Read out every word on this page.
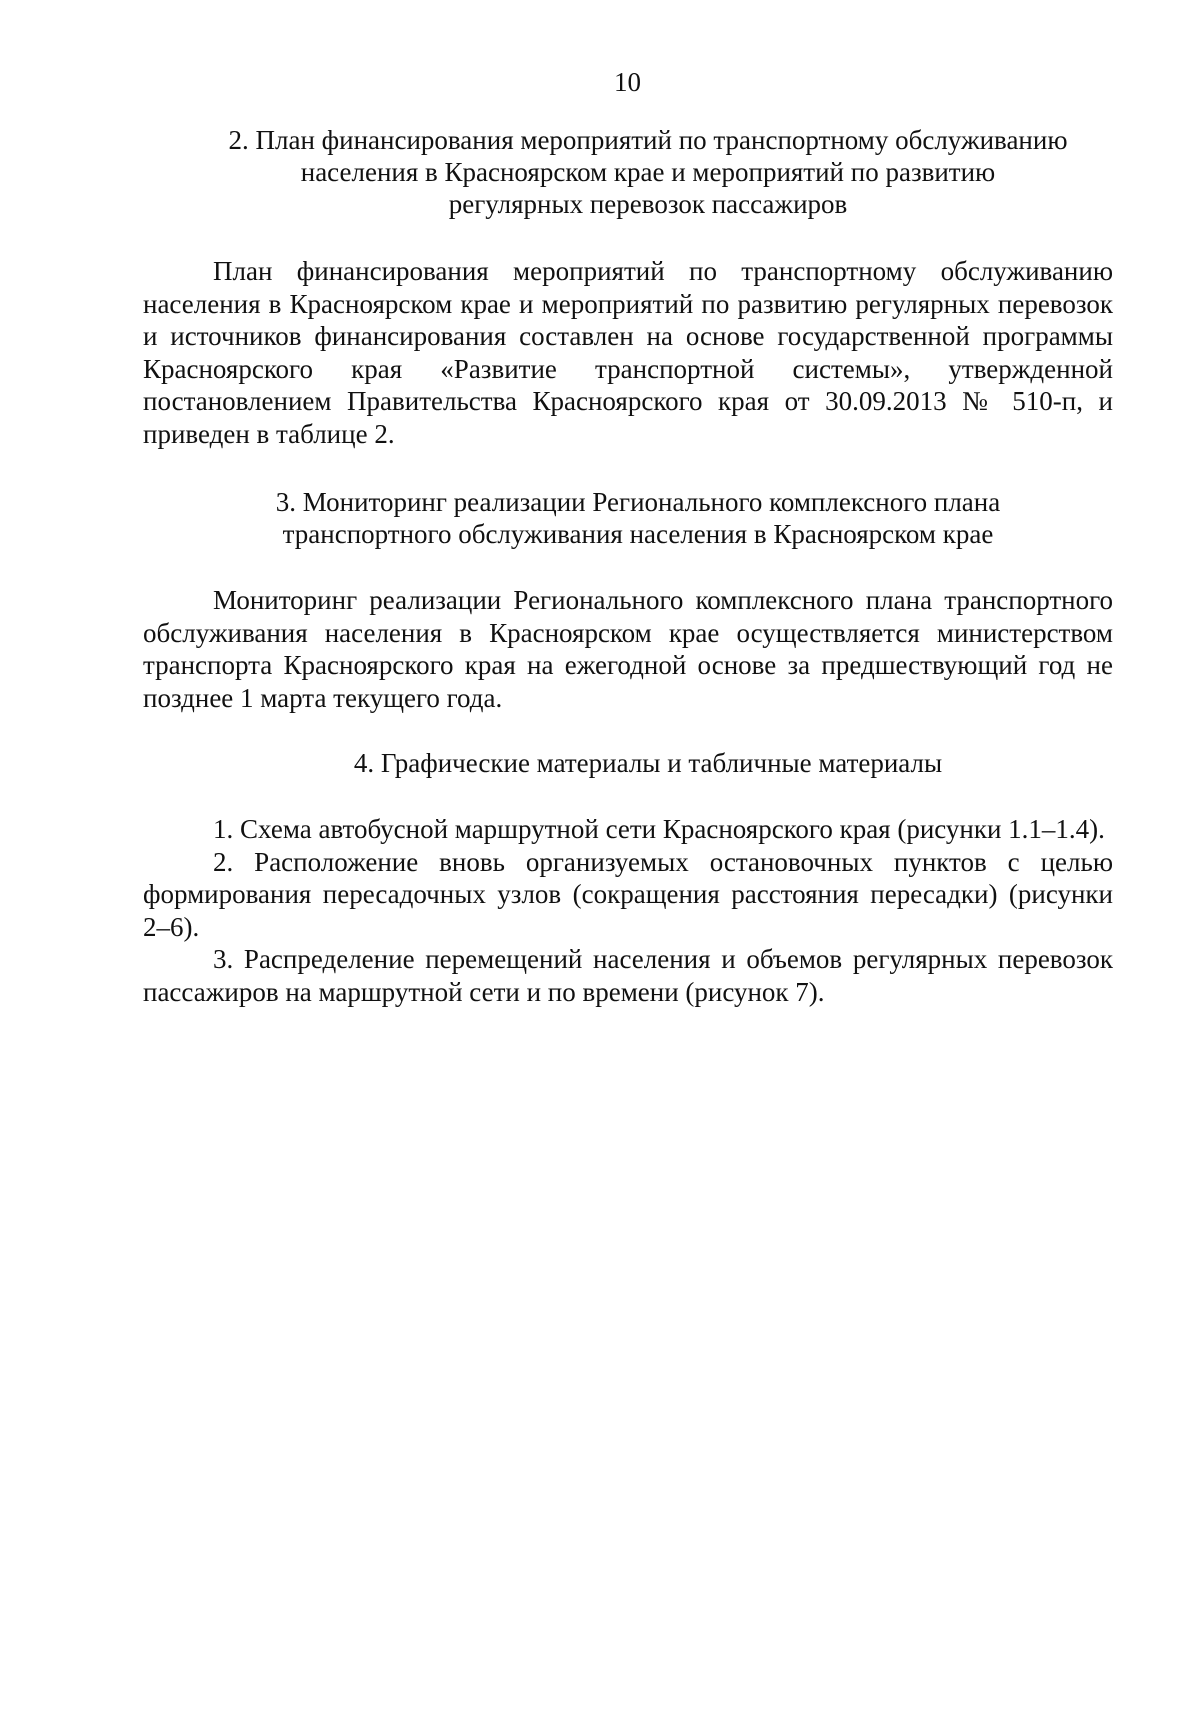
10
2. План финансирования мероприятий по транспортному обслуживанию
населения в Красноярском крае и мероприятий по развитию
регулярных перевозок пассажиров

План финансирования мероприятий по транспортному обслуживанию населения в Красноярском крае и мероприятий по развитию регулярных перевозок и источников финансирования составлен на основе государственной программы Красноярского края «Развитие транспортной системы», утвержденной постановлением Правительства Красноярского края от 30.09.2013 № 510-п, и приведен в таблице 2.

3. Мониторинг реализации Регионального комплексного плана
транспортного обслуживания населения в Красноярском крае

Мониторинг реализации Регионального комплексного плана транспортного обслуживания населения в Красноярском крае осуществляется министерством транспорта Красноярского края на ежегодной основе за предшествующий год не позднее 1 марта текущего года.

4. Графические материалы и табличные материалы

1. Схема автобусной маршрутной сети Красноярского края (рисунки 1.1–1.4).

2. Расположение вновь организуемых остановочных пунктов с целью формирования пересадочных узлов (сокращения расстояния пересадки) (рисунки 2–6).

3. Распределение перемещений населения и объемов регулярных перевозок пассажиров на маршрутной сети и по времени (рисунок 7).
